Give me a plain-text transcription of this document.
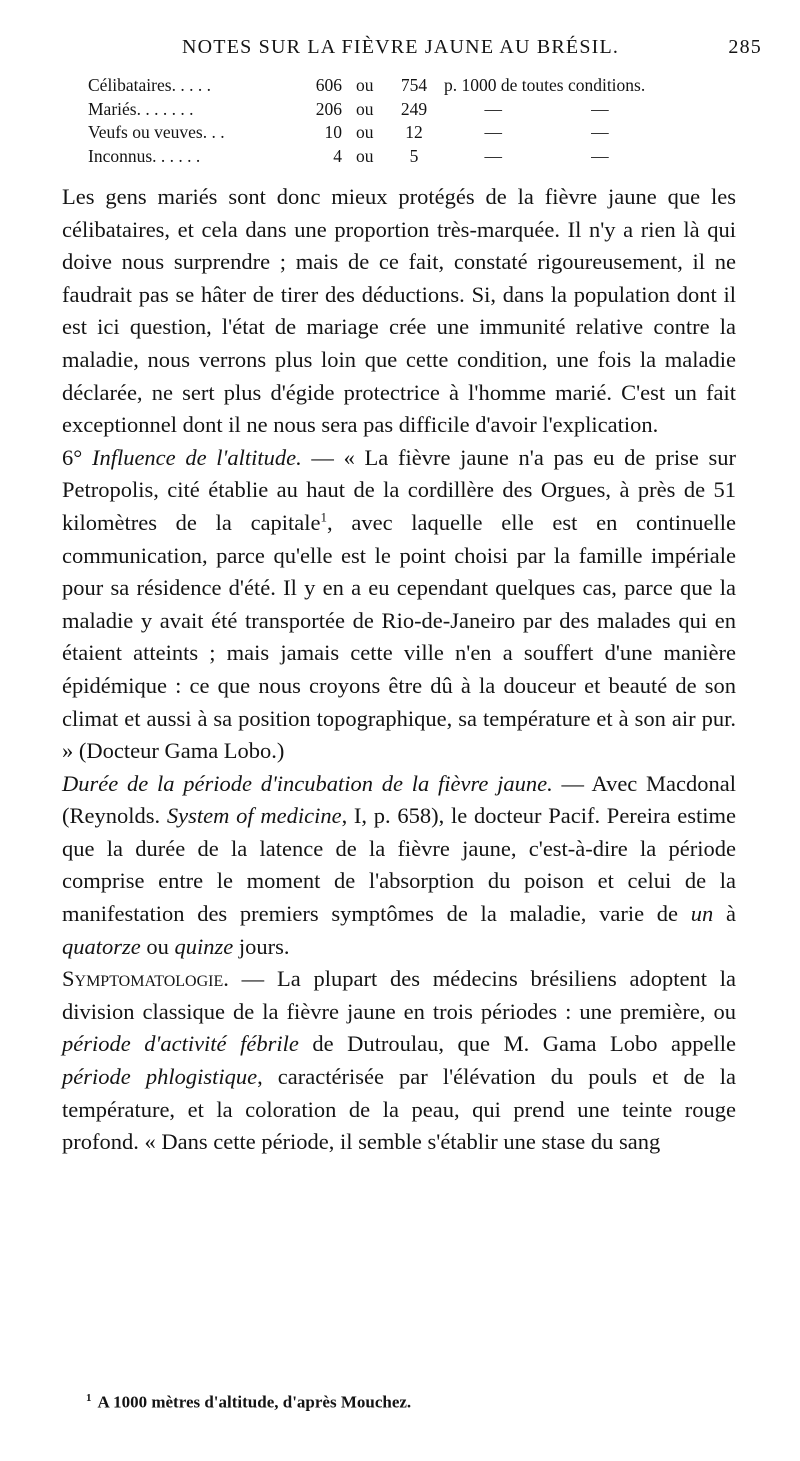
NOTES SUR LA FIÈVRE JAUNE AU BRÉSIL.	285
Célibataires. . . . .	606	ou	754	p. 1000 de toutes conditions.	
Mariés. . . . . . .	206	ou	249	—	—
Veufs ou veuves. . .	10	ou	12	—	—
Inconnus. . . . . .	4	ou	5	—	—

Les gens mariés sont donc mieux protégés de la fièvre jaune que les célibataires, et cela dans une proportion très-marquée. Il n'y a rien là qui doive nous surprendre ; mais de ce fait, constaté rigoureusement, il ne faudrait pas se hâter de tirer des déductions. Si, dans la population dont il est ici question, l'état de mariage crée une immunité relative contre la maladie, nous verrons plus loin que cette condition, une fois la maladie déclarée, ne sert plus d'égide protectrice à l'homme marié. C'est un fait exceptionnel dont il ne nous sera pas difficile d'avoir l'explication.

6° Influence de l'altitude. — « La fièvre jaune n'a pas eu de prise sur Petropolis, cité établie au haut de la cordillère des Orgues, à près de 51 kilomètres de la capitale$^1$, avec laquelle elle est en continuelle communication, parce qu'elle est le point choisi par la famille impériale pour sa résidence d'été. Il y en a eu cependant quelques cas, parce que la maladie y avait été transportée de Rio-de-Janeiro par des malades qui en étaient atteints ; mais jamais cette ville n'en a souffert d'une manière épidémique : ce que nous croyons être dû à la douceur et beauté de son climat et aussi à sa position topographique, sa température et à son air pur. » (Docteur Gama Lobo.)

Durée de la période d'incubation de la fièvre jaune. — Avec Macdonal (Reynolds. System of medicine, I, p. 658), le docteur Pacif. Pereira estime que la durée de la latence de la fièvre jaune, c'est-à-dire la période comprise entre le moment de l'absorption du poison et celui de la manifestation des premiers symptômes de la maladie, varie de un à quatorze ou quinze jours.

Symptomatologie. — La plupart des médecins brésiliens adoptent la division classique de la fièvre jaune en trois périodes : une première, ou période d'activité fébrile de Dutroulau, que M. Gama Lobo appelle période phlogistique, caractérisée par l'élévation du pouls et de la température, et la coloration de la peau, qui prend une teinte rouge profond. « Dans cette période, il semble s'établir une stase du sang

$^1$ A 1000 mètres d'altitude, d'après Mouchez.
